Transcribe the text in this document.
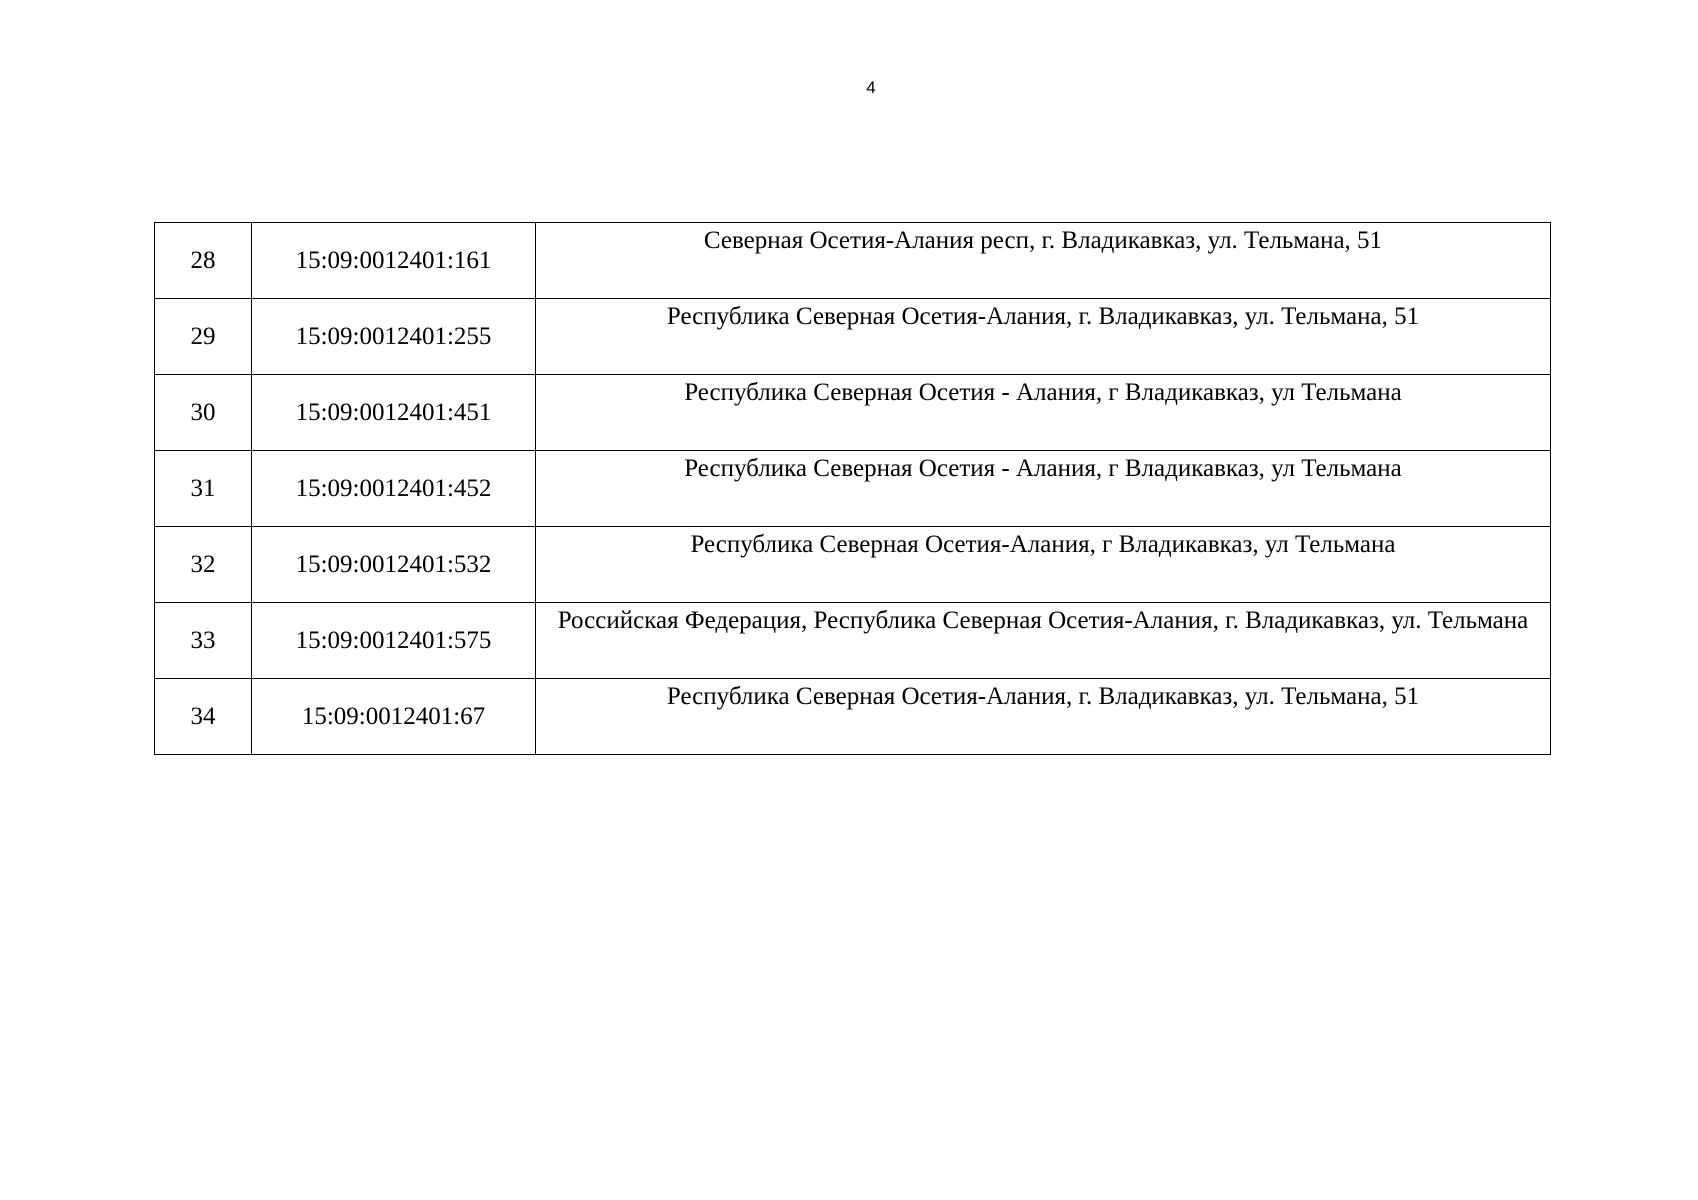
4
28	15:09:0012401:161	Северная Осетия-Алания респ, г. Владикавказ, ул. Тельмана, 51
29	15:09:0012401:255	Республика Северная Осетия-Алания, г. Владикавказ, ул. Тельмана, 51
30	15:09:0012401:451	Республика Северная Осетия - Алания, г Владикавказ, ул Тельмана
31	15:09:0012401:452	Республика Северная Осетия - Алания, г Владикавказ, ул Тельмана
32	15:09:0012401:532	Республика Северная Осетия-Алания, г Владикавказ, ул Тельмана
33	15:09:0012401:575	Российская Федерация, Республика Северная Осетия-Алания, г. Владикавказ, ул. Тельмана
34	15:09:0012401:67	Республика Северная Осетия-Алания, г. Владикавказ, ул. Тельмана, 51
